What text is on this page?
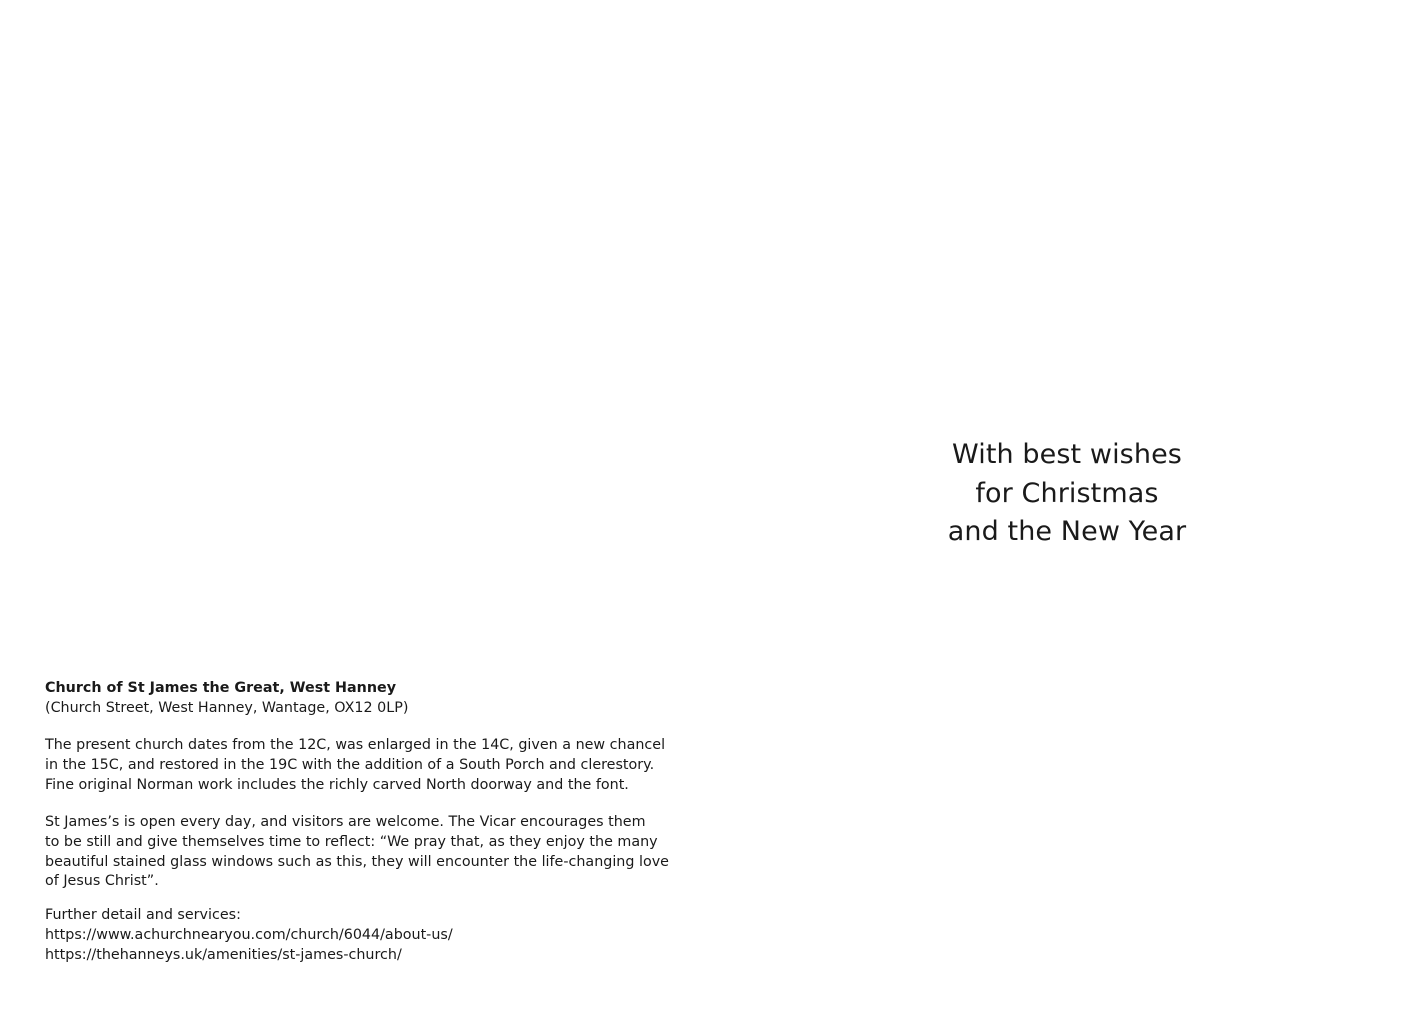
With best wishes
for Christmas
and the New Year
Church of St James the Great, West Hanney
(Church Street, West Hanney, Wantage, OX12 0LP)
The present church dates from the 12C, was enlarged in the 14C, given a new chancel
in the 15C, and restored in the 19C with the addition of a South Porch and clerestory.
Fine original Norman work includes the richly carved North doorway and the font.
St James’s is open every day, and visitors are welcome. The Vicar encourages them
to be still and give themselves time to reflect: “We pray that, as they enjoy the many
beautiful stained glass windows such as this, they will encounter the life-changing love
of Jesus Christ”.
Further detail and services:
https://www.achurchnearyou.com/church/6044/about-us/
https://thehanneys.uk/amenities/st-james-church/
